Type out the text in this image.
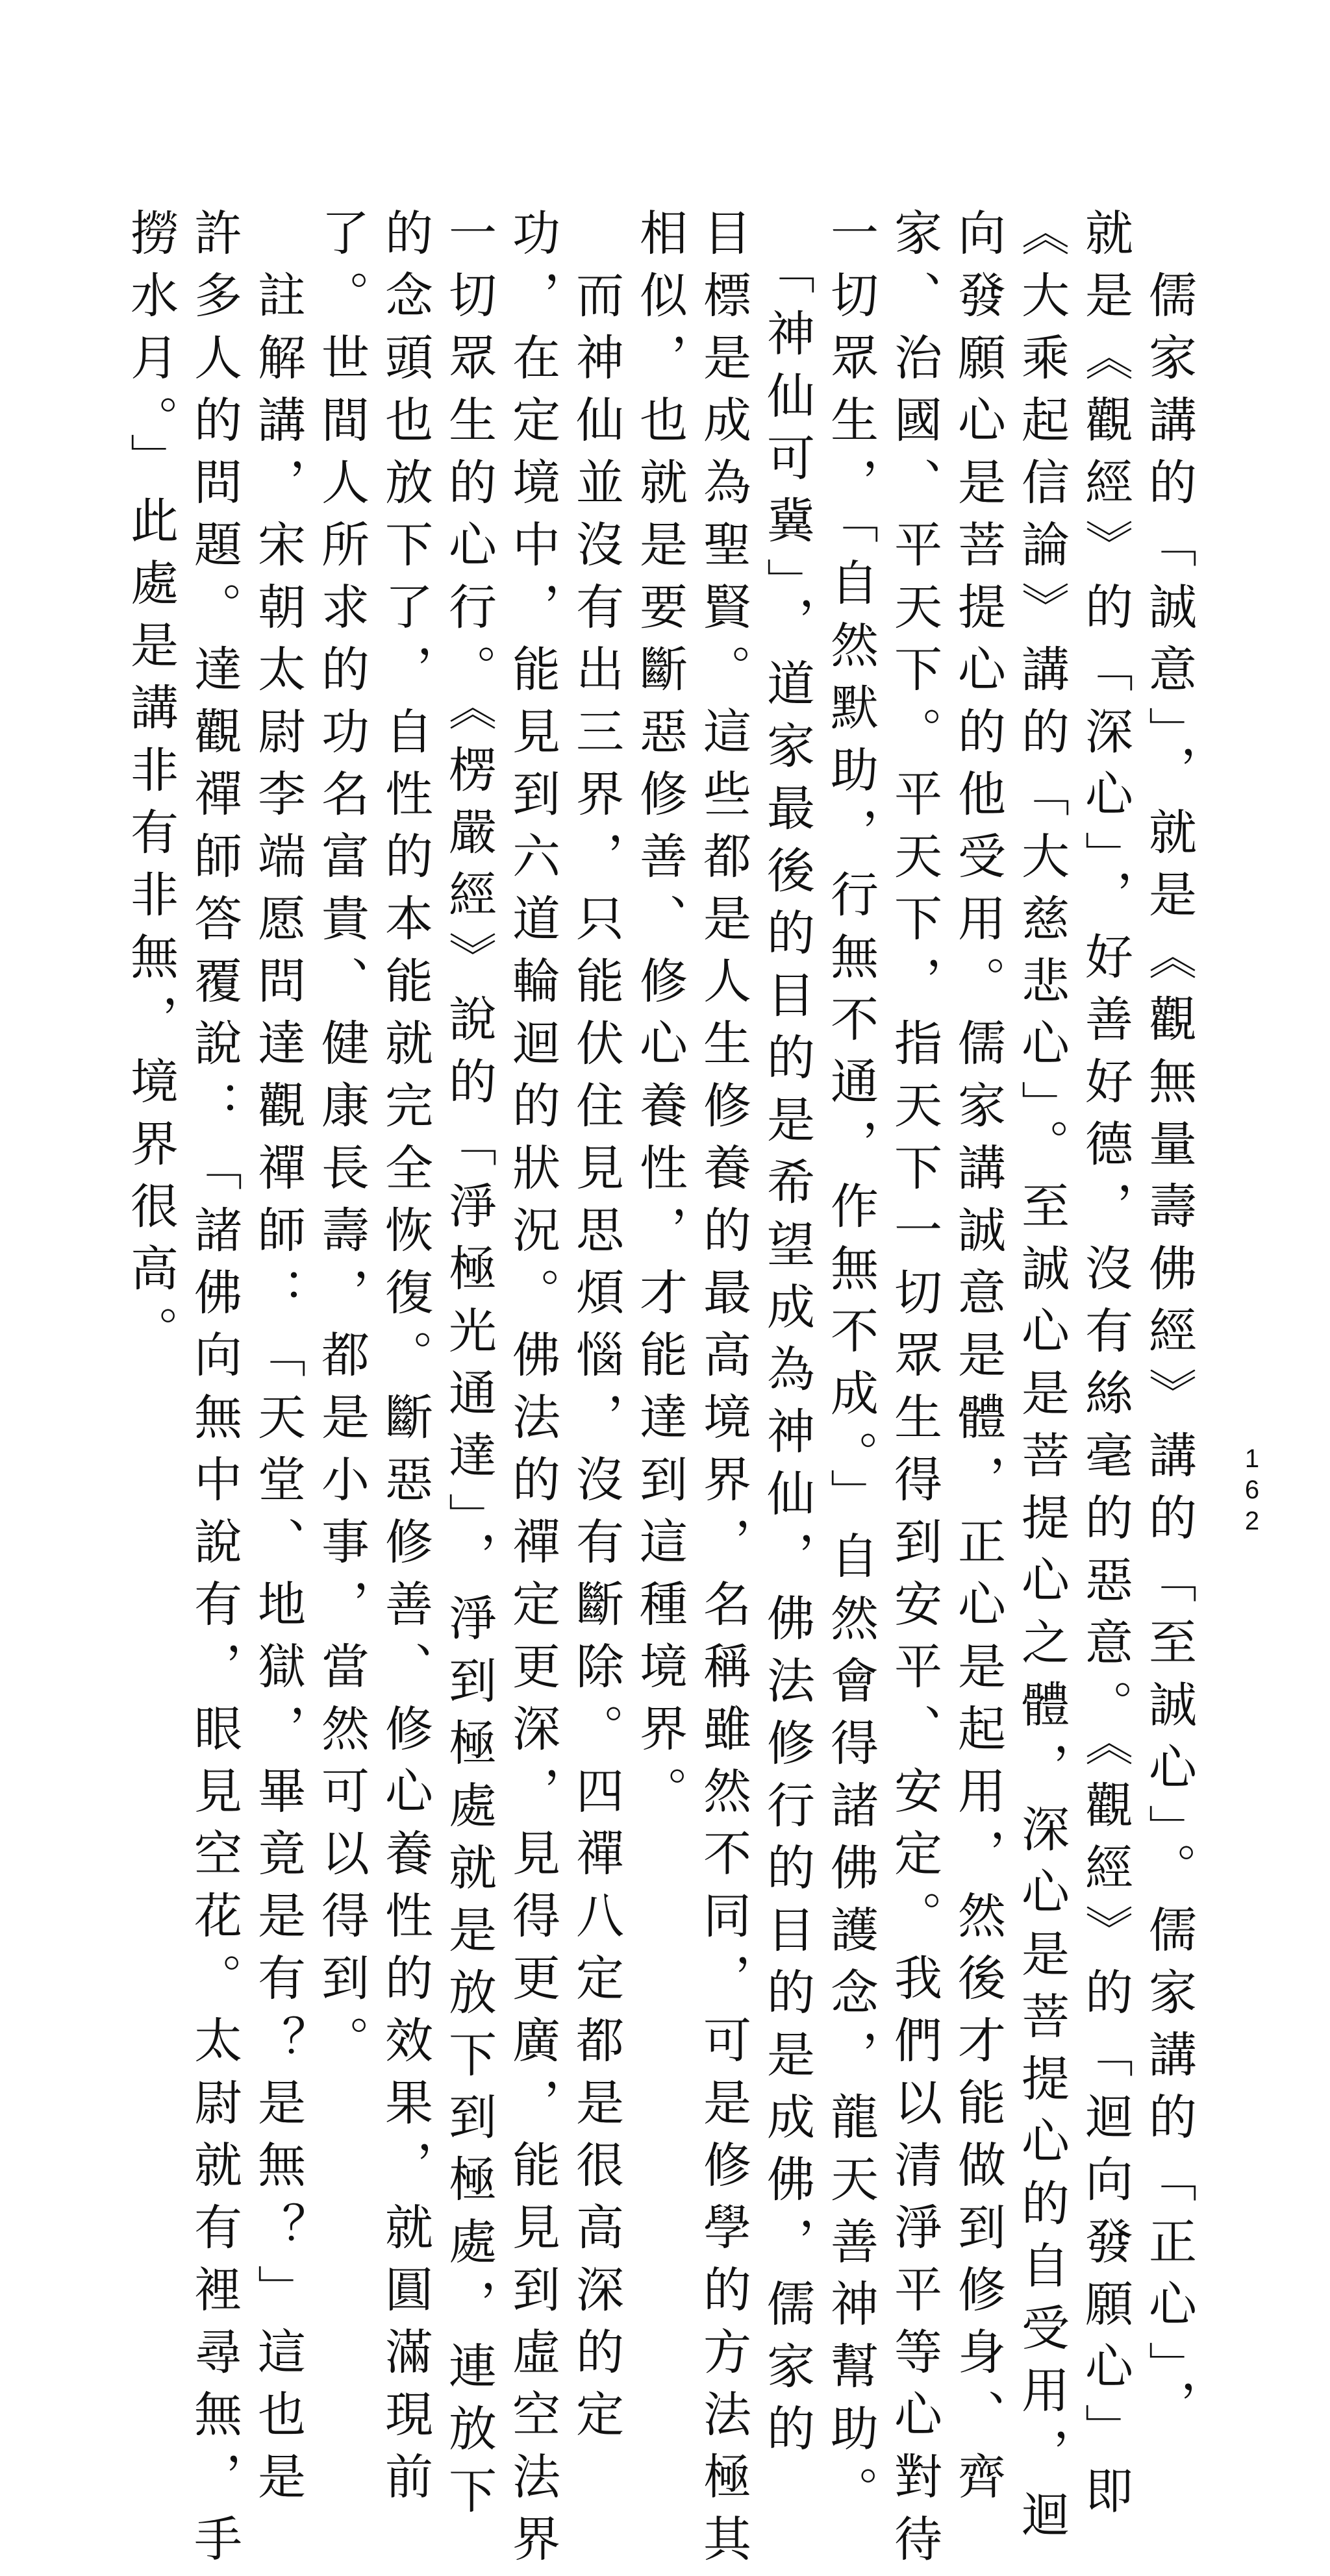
162
　儒家講的「誠意」，就是《觀無量壽佛經》講的「至誠心」。儒家講的「正心」，
就是《觀經》的「深心」，好善好德，沒有絲毫的惡意。《觀經》的「迴向發願心」即
《大乘起信論》講的「大慈悲心」。至誠心是菩提心之體，深心是菩提心的自受用，迴
向發願心是菩提心的他受用。儒家講誠意是體，正心是起用，然後才能做到修身、齊
家、治國、平天下。平天下，指天下一切眾生得到安平、安定。我們以清淨平等心對待
一切眾生，「自然默助，行無不通，作無不成。」自然會得諸佛護念，龍天善神幫助。
　「神仙可冀」，道家最後的目的是希望成為神仙，佛法修行的目的是成佛，儒家的
目標是成為聖賢。這些都是人生修養的最高境界，名稱雖然不同，可是修學的方法極其
相似，也就是要斷惡修善、修心養性，才能達到這種境界。
　而神仙並沒有出三界，只能伏住見思煩惱，沒有斷除。四禪八定都是很高深的定
功，在定境中，能見到六道輪迴的狀況。佛法的禪定更深，見得更廣，能見到虛空法界
一切眾生的心行。《楞嚴經》說的「淨極光通達」，淨到極處就是放下到極處，連放下
的念頭也放下了，自性的本能就完全恢復。斷惡修善、修心養性的效果，就圓滿現前
了。世間人所求的功名富貴、健康長壽，都是小事，當然可以得到。
　註解講，宋朝太尉李端愿問達觀禪師：「天堂、地獄，畢竟是有？是無？」這也是
許多人的問題。達觀禪師答覆說：「諸佛向無中說有，眼見空花。太尉就有裡尋無，手
撈水月。」此處是講非有非無，境界很高。
